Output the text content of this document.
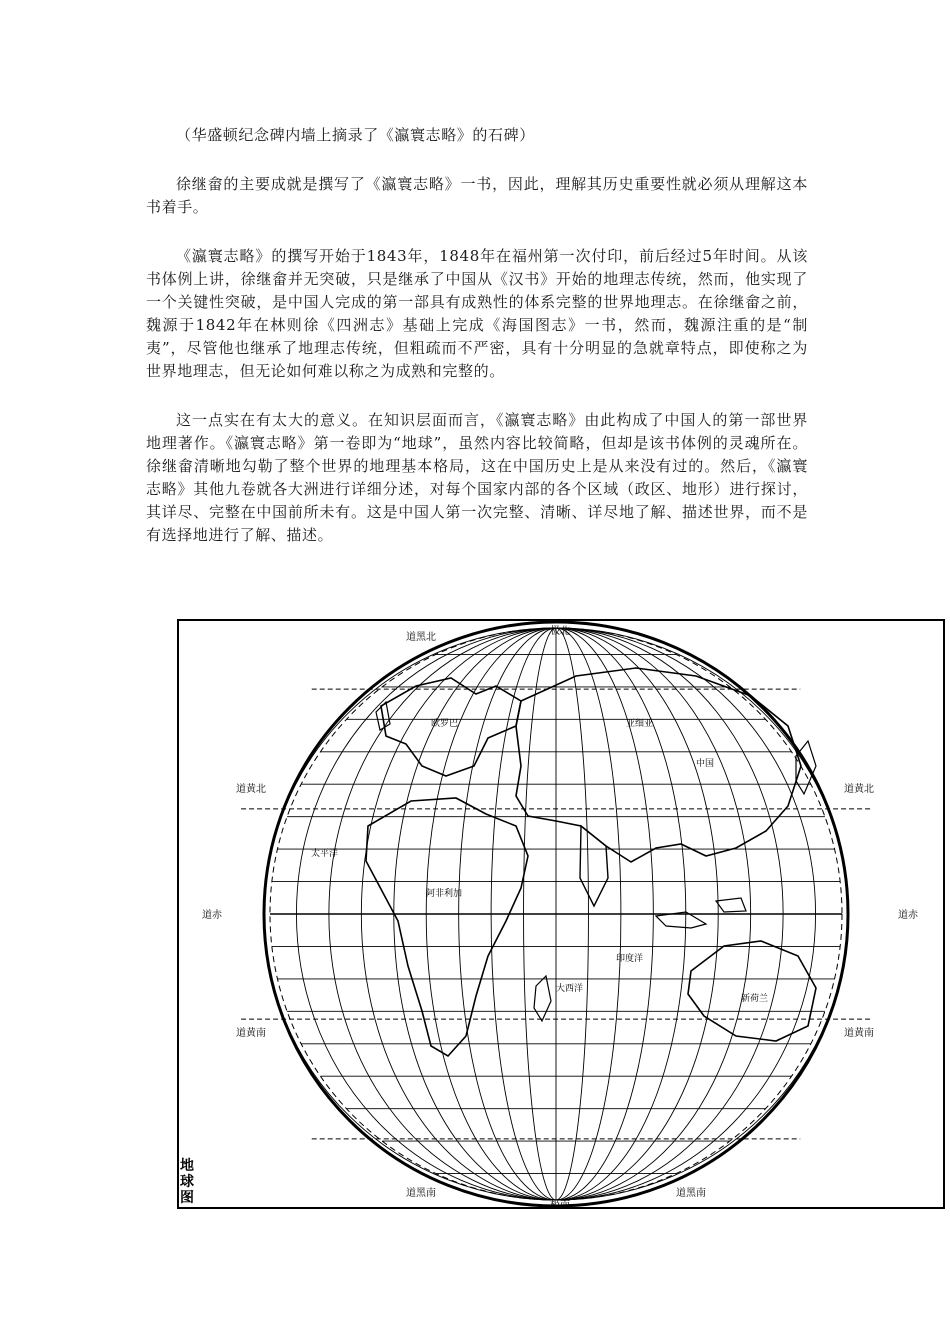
（华盛顿纪念碑内墙上摘录了《瀛寰志略》的石碑）

徐继畲的主要成就是撰写了《瀛寰志略》一书，因此，理解其历史重要性就必须从理解这本书着手。

《瀛寰志略》的撰写开始于1843年，1848年在福州第一次付印，前后经过5年时间。从该书体例上讲，徐继畲并无突破，只是继承了中国从《汉书》开始的地理志传统，然而，他实现了一个关键性突破，是中国人完成的第一部具有成熟性的体系完整的世界地理志。在徐继畲之前，魏源于1842年在林则徐《四洲志》基础上完成《海国图志》一书，然而，魏源注重的是“制夷”，尽管他也继承了地理志传统，但粗疏而不严密，具有十分明显的急就章特点，即使称之为世界地理志，但无论如何难以称之为成熟和完整的。

这一点实在有太大的意义。在知识层面而言，《瀛寰志略》由此构成了中国人的第一部世界地理著作。《瀛寰志略》第一卷即为“地球”，虽然内容比较简略，但却是该书体例的灵魂所在。徐继畲清晰地勾勒了整个世界的地理基本格局，这在中国历史上是从来没有过的。然后，《瀛寰志略》其他九卷就各大洲进行详细分述，对每个国家内部的各个区域（政区、地形）进行探讨，其详尽、完整在中国前所未有。这是中国人第一次完整、清晰、详尽地了解、描述世界，而不是有选择地进行了解、描述。

极北
极南
道赤	道赤
道黄北	道黄北
道黄南	道黄南
道黑北
道黑南	道黑南
太平洋
大西洋
印度洋
新荷兰
中国
阿非利加
欧罗巴	亚细亚
地
球
图
